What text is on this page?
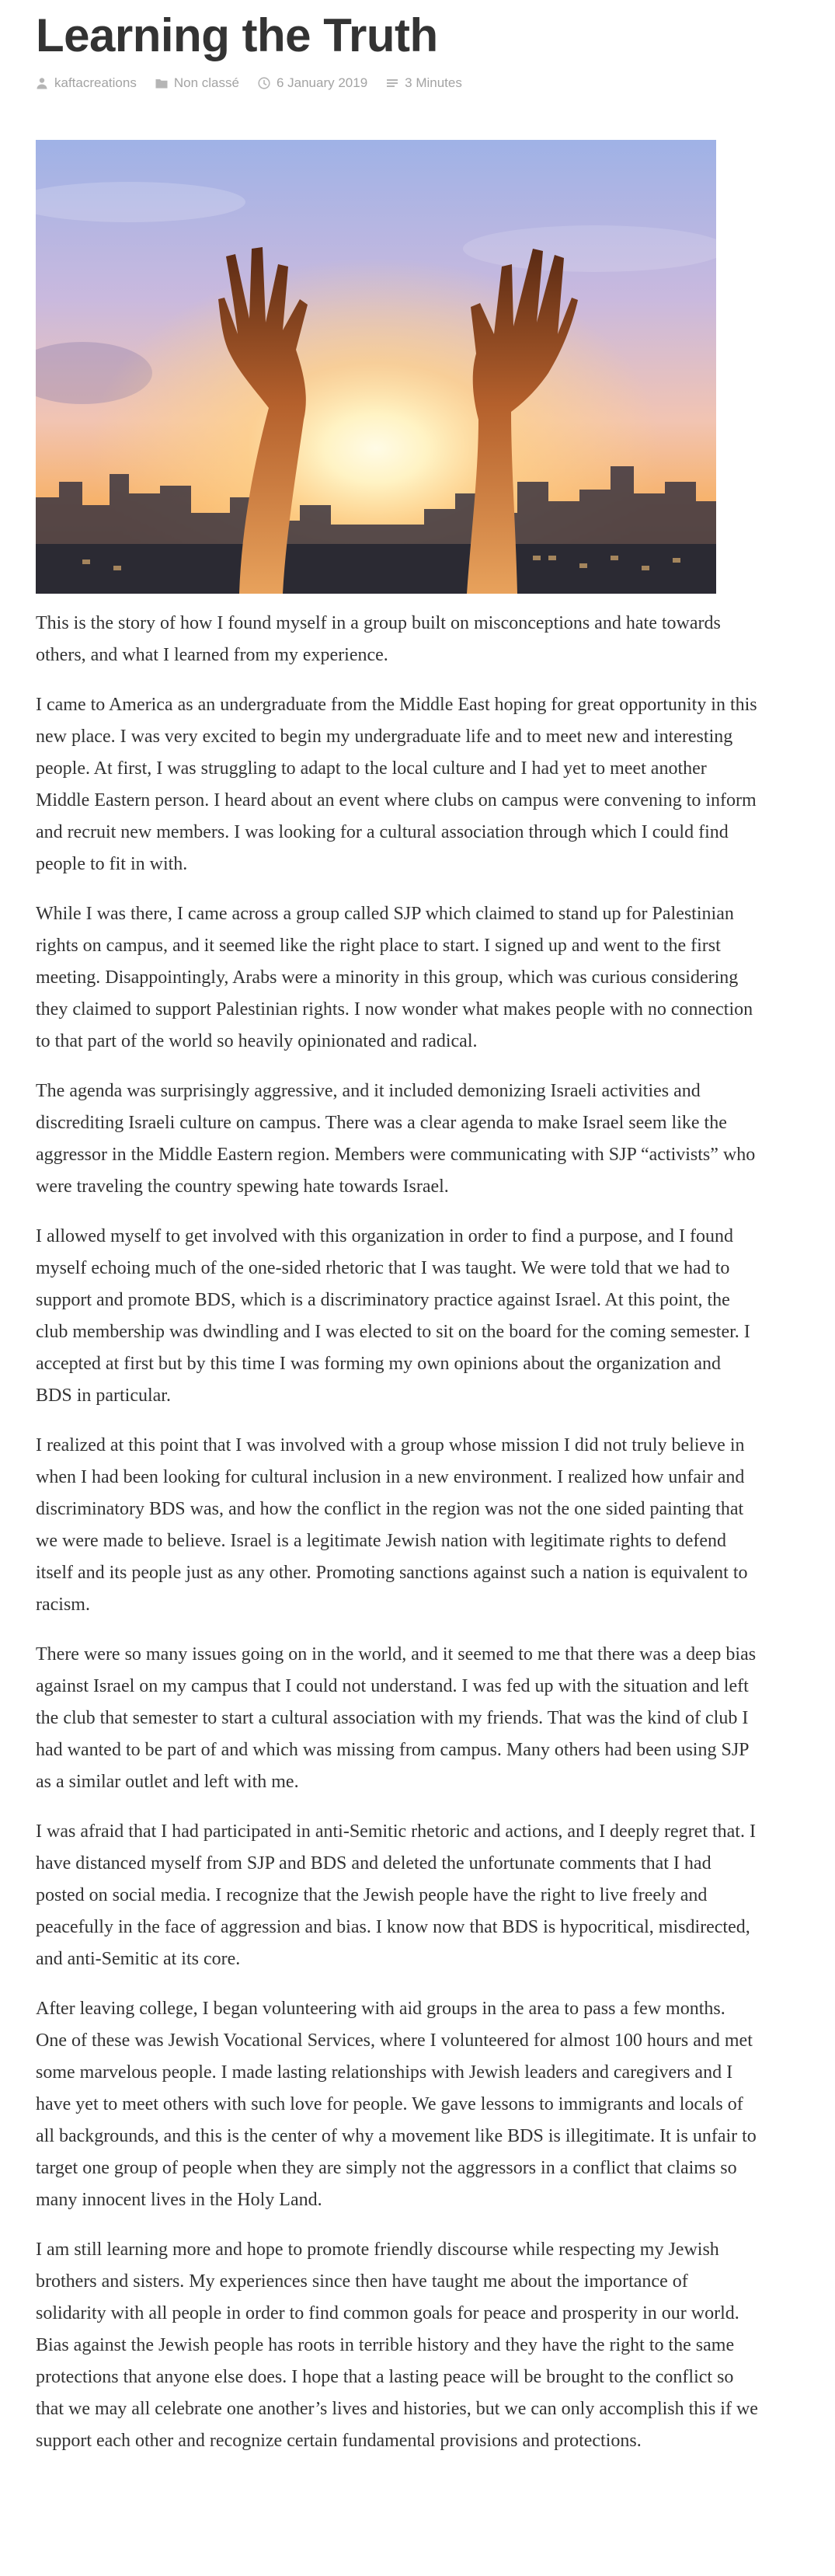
Learning the Truth
kaftacreations	Non classé	6 January 2019	3 Minutes

This is the story of how I found myself in a group built on misconceptions and hate towards others, and what I learned from my experience.

I came to America as an undergraduate from the Middle East hoping for great opportunity in this new place. I was very excited to begin my undergraduate life and to meet new and interesting people. At first, I was struggling to adapt to the local culture and I had yet to meet another Middle Eastern person. I heard about an event where clubs on campus were convening to inform and recruit new members. I was looking for a cultural association through which I could find people to fit in with.

While I was there, I came across a group called SJP which claimed to stand up for Palestinian rights on campus, and it seemed like the right place to start. I signed up and went to the first meeting. Disappointingly, Arabs were a minority in this group, which was curious considering they claimed to support Palestinian rights. I now wonder what makes people with no connection to that part of the world so heavily opinionated and radical.

The agenda was surprisingly aggressive, and it included demonizing Israeli activities and discrediting Israeli culture on campus. There was a clear agenda to make Israel seem like the aggressor in the Middle Eastern region. Members were communicating with SJP “activists” who were traveling the country spewing hate towards Israel.

I allowed myself to get involved with this organization in order to find a purpose, and I found myself echoing much of the one-sided rhetoric that I was taught. We were told that we had to support and promote BDS, which is a discriminatory practice against Israel. At this point, the club membership was dwindling and I was elected to sit on the board for the coming semester. I accepted at first but by this time I was forming my own opinions about the organization and BDS in particular.

I realized at this point that I was involved with a group whose mission I did not truly believe in when I had been looking for cultural inclusion in a new environment. I realized how unfair and discriminatory BDS was, and how the conflict in the region was not the one sided painting that we were made to believe. Israel is a legitimate Jewish nation with legitimate rights to defend itself and its people just as any other. Promoting sanctions against such a nation is equivalent to racism.

There were so many issues going on in the world, and it seemed to me that there was a deep bias against Israel on my campus that I could not understand. I was fed up with the situation and left the club that semester to start a cultural association with my friends. That was the kind of club I had wanted to be part of and which was missing from campus. Many others had been using SJP as a similar outlet and left with me.

I was afraid that I had participated in anti-Semitic rhetoric and actions, and I deeply regret that. I have distanced myself from SJP and BDS and deleted the unfortunate comments that I had posted on social media. I recognize that the Jewish people have the right to live freely and peacefully in the face of aggression and bias. I know now that BDS is hypocritical, misdirected, and anti-Semitic at its core.

After leaving college, I began volunteering with aid groups in the area to pass a few months. One of these was Jewish Vocational Services, where I volunteered for almost 100 hours and met some marvelous people. I made lasting relationships with Jewish leaders and caregivers and I have yet to meet others with such love for people. We gave lessons to immigrants and locals of all backgrounds, and this is the center of why a movement like BDS is illegitimate. It is unfair to target one group of people when they are simply not the aggressors in a conflict that claims so many innocent lives in the Holy Land.

I am still learning more and hope to promote friendly discourse while respecting my Jewish brothers and sisters. My experiences since then have taught me about the importance of solidarity with all people in order to find common goals for peace and prosperity in our world. Bias against the Jewish people has roots in terrible history and they have the right to the same protections that anyone else does. I hope that a lasting peace will be brought to the conflict so that we may all celebrate one another’s lives and histories, but we can only accomplish this if we support each other and recognize certain fundamental provisions and protections.
